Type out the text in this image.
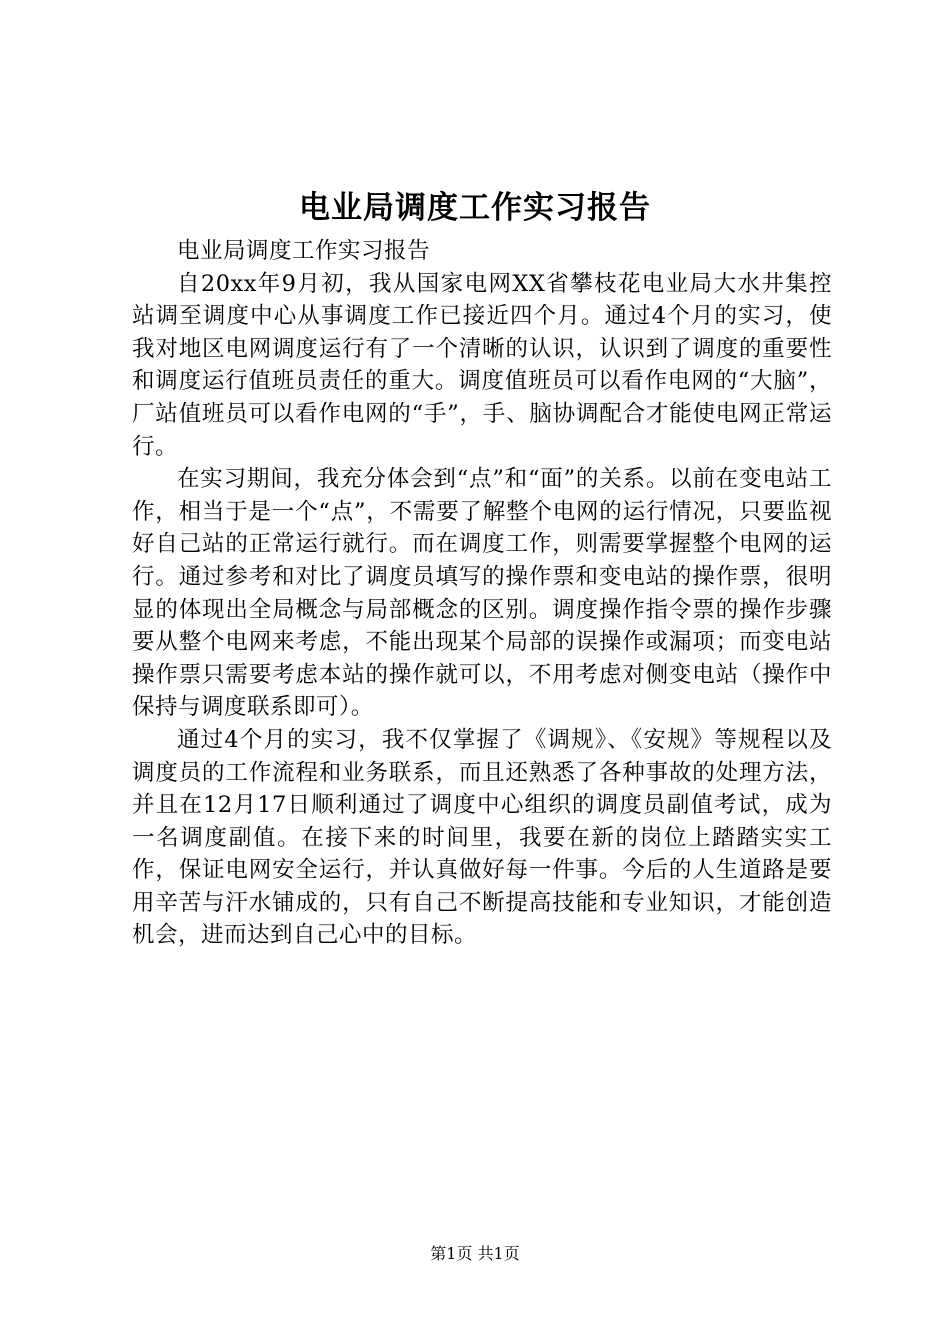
电业局调度工作实习报告

电业局调度工作实习报告

自20xx年9月初，我从国家电网XX省攀枝花电业局大水井集控站调至调度中心从事调度工作已接近四个月。通过4个月的实习，使我对地区电网调度运行有了一个清晰的认识，认识到了调度的重要性和调度运行值班员责任的重大。调度值班员可以看作电网的“大脑”，厂站值班员可以看作电网的“手”，手、脑协调配合才能使电网正常运行。

在实习期间，我充分体会到“点”和“面”的关系。以前在变电站工作，相当于是一个“点”，不需要了解整个电网的运行情况，只要监视好自己站的正常运行就行。而在调度工作，则需要掌握整个电网的运行。通过参考和对比了调度员填写的操作票和变电站的操作票，很明显的体现出全局概念与局部概念的区别。调度操作指令票的操作步骤要从整个电网来考虑，不能出现某个局部的误操作或漏项；而变电站操作票只需要考虑本站的操作就可以，不用考虑对侧变电站（操作中保持与调度联系即可）。

通过4个月的实习，我不仅掌握了《调规》、《安规》等规程以及调度员的工作流程和业务联系，而且还熟悉了各种事故的处理方法，并且在12月17日顺利通过了调度中心组织的调度员副值考试，成为一名调度副值。在接下来的时间里，我要在新的岗位上踏踏实实工作，保证电网安全运行，并认真做好每一件事。今后的人生道路是要用辛苦与汗水铺成的，只有自己不断提高技能和专业知识，才能创造机会，进而达到自己心中的目标。

第1页 共1页
